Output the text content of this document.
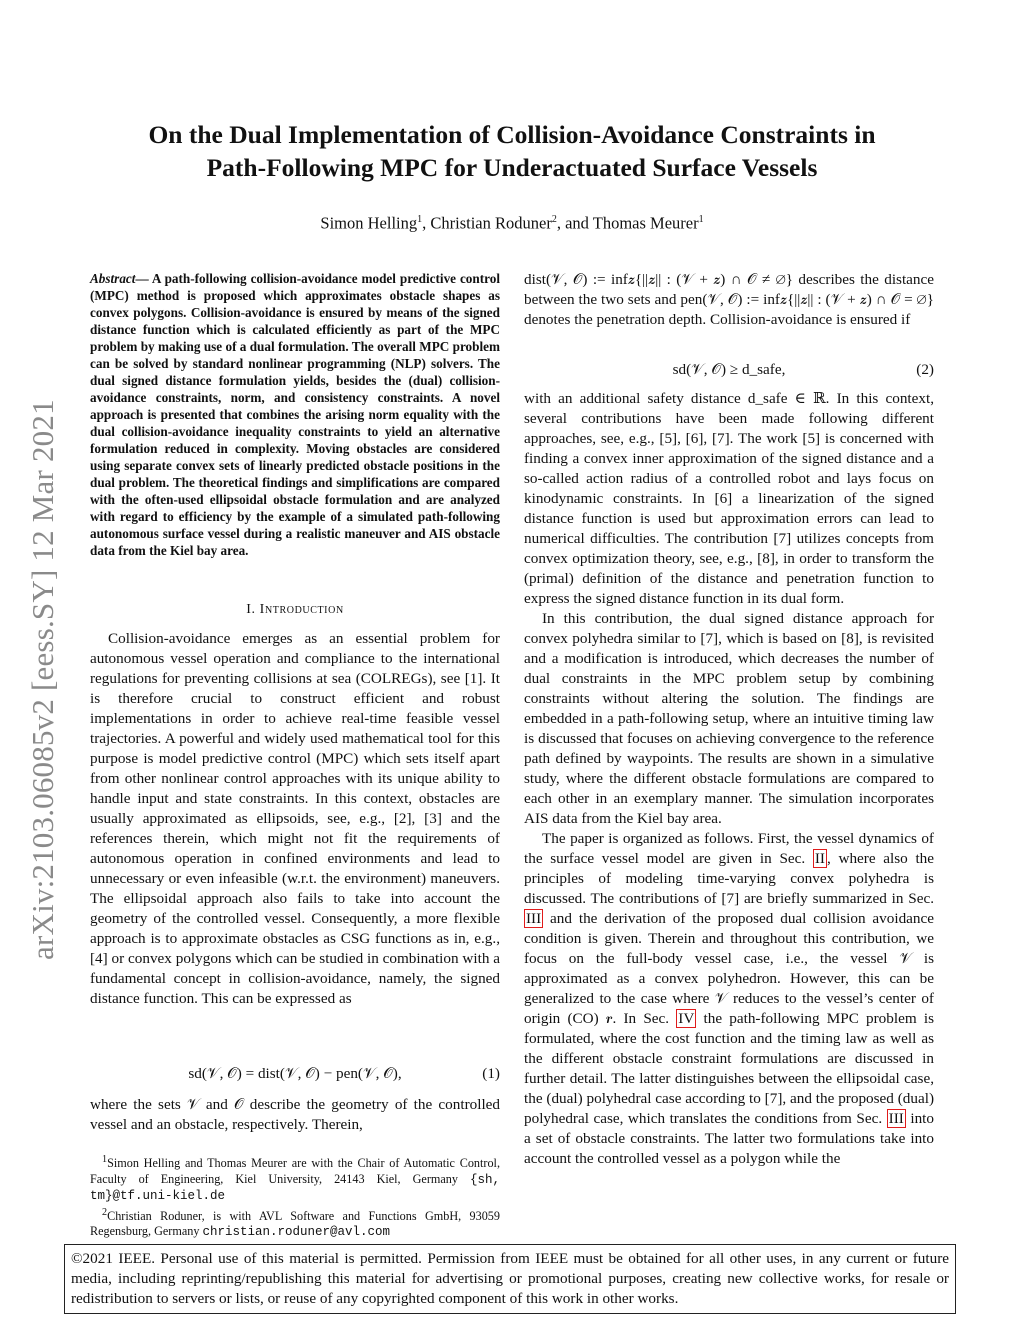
On the Dual Implementation of Collision-Avoidance Constraints in
Path-Following MPC for Underactuated Surface Vessels
Simon Helling$^1$, Christian Roduner$^2$, and Thomas Meurer$^1$
arXiv:2103.06085v2 [eess.SY] 12 Mar 2021
Abstract— A path-following collision-avoidance model predictive control (MPC) method is proposed which approximates obstacle shapes as convex polygons. Collision-avoidance is ensured by means of the signed distance function which is calculated efficiently as part of the MPC problem by making use of a dual formulation. The overall MPC problem can be solved by standard nonlinear programming (NLP) solvers. The dual signed distance formulation yields, besides the (dual) collision-avoidance constraints, norm, and consistency constraints. A novel approach is presented that combines the arising norm equality with the dual collision-avoidance inequality constraints to yield an alternative formulation reduced in complexity. Moving obstacles are considered using separate convex sets of linearly predicted obstacle positions in the dual problem. The theoretical findings and simplifications are compared with the often-used ellipsoidal obstacle formulation and are analyzed with regard to efficiency by the example of a simulated path-following autonomous surface vessel during a realistic maneuver and AIS obstacle data from the Kiel bay area.
I. Introduction

Collision-avoidance emerges as an essential problem for autonomous vessel operation and compliance to the international regulations for preventing collisions at sea (COLREGs), see [1]. It is therefore crucial to construct efficient and robust implementations in order to achieve real-time feasible vessel trajectories. A powerful and widely used mathematical tool for this purpose is model predictive control (MPC) which sets itself apart from other nonlinear control approaches with its unique ability to handle input and state constraints. In this context, obstacles are usually approximated as ellipsoids, see, e.g., [2], [3] and the references therein, which might not fit the requirements of autonomous operation in confined environments and lead to unnecessary or even infeasible (w.r.t. the environment) maneuvers. The ellipsoidal approach also fails to take into account the geometry of the controlled vessel. Consequently, a more flexible approach is to approximate obstacles as CSG functions as in, e.g., [4] or convex polygons which can be studied in combination with a fundamental concept in collision-avoidance, namely, the signed distance function. This can be expressed as

sd(𝒱, 𝒪) = dist(𝒱, 𝒪) − pen(𝒱, 𝒪),	(1)

where the sets 𝒱 and 𝒪 describe the geometry of the controlled vessel and an obstacle, respectively. Therein,

$^1$Simon Helling and Thomas Meurer are with the Chair of Automatic Control, Faculty of Engineering, Kiel University, 24143 Kiel, Germany {sh, tm}@tf.uni-kiel.de
$^2$Christian Roduner, is with AVL Software and Functions GmbH, 93059 Regensburg, Germany christian.roduner@avl.com

dist(𝒱, 𝒪) := inf𝒛{||𝒛|| : (𝒱 + 𝒛) ∩ 𝒪 ≠ ∅} describes the distance between the two sets and pen(𝒱, 𝒪) := inf𝒛{||𝒛|| : (𝒱 + 𝒛) ∩ 𝒪 = ∅} denotes the penetration depth. Collision-avoidance is ensured if

sd(𝒱, 𝒪) ≥ d_safe,	(2)

with an additional safety distance d_safe ∈ ℝ. In this context, several contributions have been made following different approaches, see, e.g., [5], [6], [7]. The work [5] is concerned with finding a convex inner approximation of the signed distance and a so-called action radius of a controlled robot and lays focus on kinodynamic constraints. In [6] a linearization of the signed distance function is used but approximation errors can lead to numerical difficulties. The contribution [7] utilizes concepts from convex optimization theory, see, e.g., [8], in order to transform the (primal) definition of the distance and penetration function to express the signed distance function in its dual form.

In this contribution, the dual signed distance approach for convex polyhedra similar to [7], which is based on [8], is revisited and a modification is introduced, which decreases the number of dual constraints in the MPC problem setup by combining constraints without altering the solution. The findings are embedded in a path-following setup, where an intuitive timing law is discussed that focuses on achieving convergence to the reference path defined by waypoints. The results are shown in a simulative study, where the different obstacle formulations are compared to each other in an exemplary manner. The simulation incorporates AIS data from the Kiel bay area.

The paper is organized as follows. First, the vessel dynamics of the surface vessel model are given in Sec. II , where also the principles of modeling time-varying convex polyhedra is discussed. The contributions of [7] are briefly summarized in Sec. III and the derivation of the proposed dual collision avoidance condition is given. Therein and throughout this contribution, we focus on the full-body vessel case, i.e., the vessel 𝒱 is approximated as a convex polyhedron. However, this can be generalized to the case where 𝒱 reduces to the vessel’s center of origin (CO) 𝒓. In Sec. IV the path-following MPC problem is formulated, where the cost function and the timing law as well as the different obstacle constraint formulations are discussed in further detail. The latter distinguishes between the ellipsoidal case, the (dual) polyhedral case according to [7], and the proposed (dual) polyhedral case, which translates the conditions from Sec. III into a set of obstacle constraints. The latter two formulations take into account the controlled vessel as a polygon while the

©2021 IEEE. Personal use of this material is permitted. Permission from IEEE must be obtained for all other uses, in any current or future media, including reprinting/republishing this material for advertising or promotional purposes, creating new collective works, for resale or redistribution to servers or lists, or reuse of any copyrighted component of this work in other works.
